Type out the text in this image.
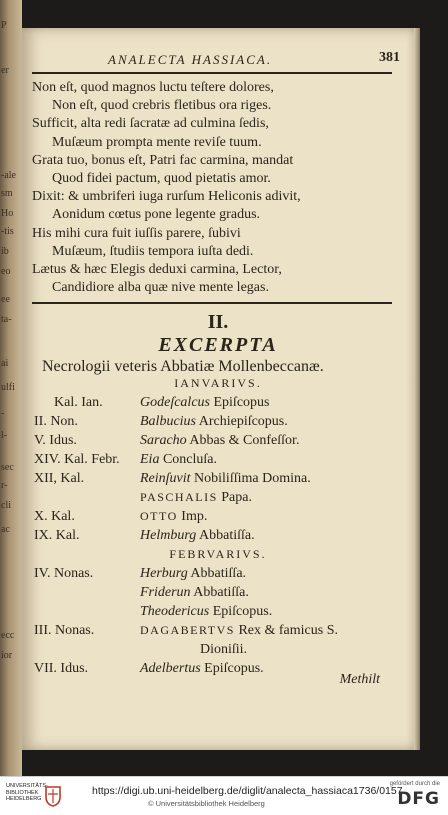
P
er
-ale
sm
Ho
-tis
ib
eo
ee
ta-
ai
ulfi
-
l-
sec
r-
cli
ac
ecc
ior
ANALECTA HASSIACA.	381
Non eſt, quod magnos luctu teſtere dolores,
Non eſt, quod crebris fletibus ora riges.
Sufficit, alta redi ſacratæ ad culmina ſedis,
Muſæum prompta mente reviſe tuum.
Grata tuo, bonus eſt, Patri fac carmina, mandat
Quod fidei pactum, quod pietatis amor.
Dixit: & umbriferi iuga rurſum Heliconis adivit,
Aonidum cœtus pone legente gradus.
His mihi cura fuit iuſſis parere, ſubivi
Muſæum, ſtudiis tempora iuſta dedi.
Lætus & hæc Elegis deduxi carmina, Lector,
Candidiore alba quæ nive mente legas.
II.
EXCERPTA
Necrologii veteris Abbatiæ Mollenbeccanæ.
IANVARIVS.
Kal. Ian.	Godeſcalcus Epiſcopus
II. Non.	Balbucius Archiepiſcopus.
V. Idus.	Saracho Abbas & Confeſſor.
XIV. Kal. Febr. Eia Concluſa.
XII, Kal.	Reinſuvit Nobiliſſima Domina.
PASCHALIS Papa.
X. Kal.	OTTO Imp.
IX. Kal.	Helmburg Abbatiſſa.
FEBRVARIVS.
IV. Nonas.	Herburg Abbatiſſa.
Friderun Abbatiſſa.
Theodericus Epiſcopus.
III. Nonas.	DAGABERTVS Rex & famicus S.
Dioniſii.
VII. Idus.	Adelbertus Epiſcopus.
Methilt
UNIVERSITÄTS-BIBLIOTHEK HEIDELBERG
https://digi.ub.uni-heidelberg.de/diglit/analecta_hassiaca1736/0157
© Universitätsbibliothek Heidelberg
gefördert durch die
DFG
